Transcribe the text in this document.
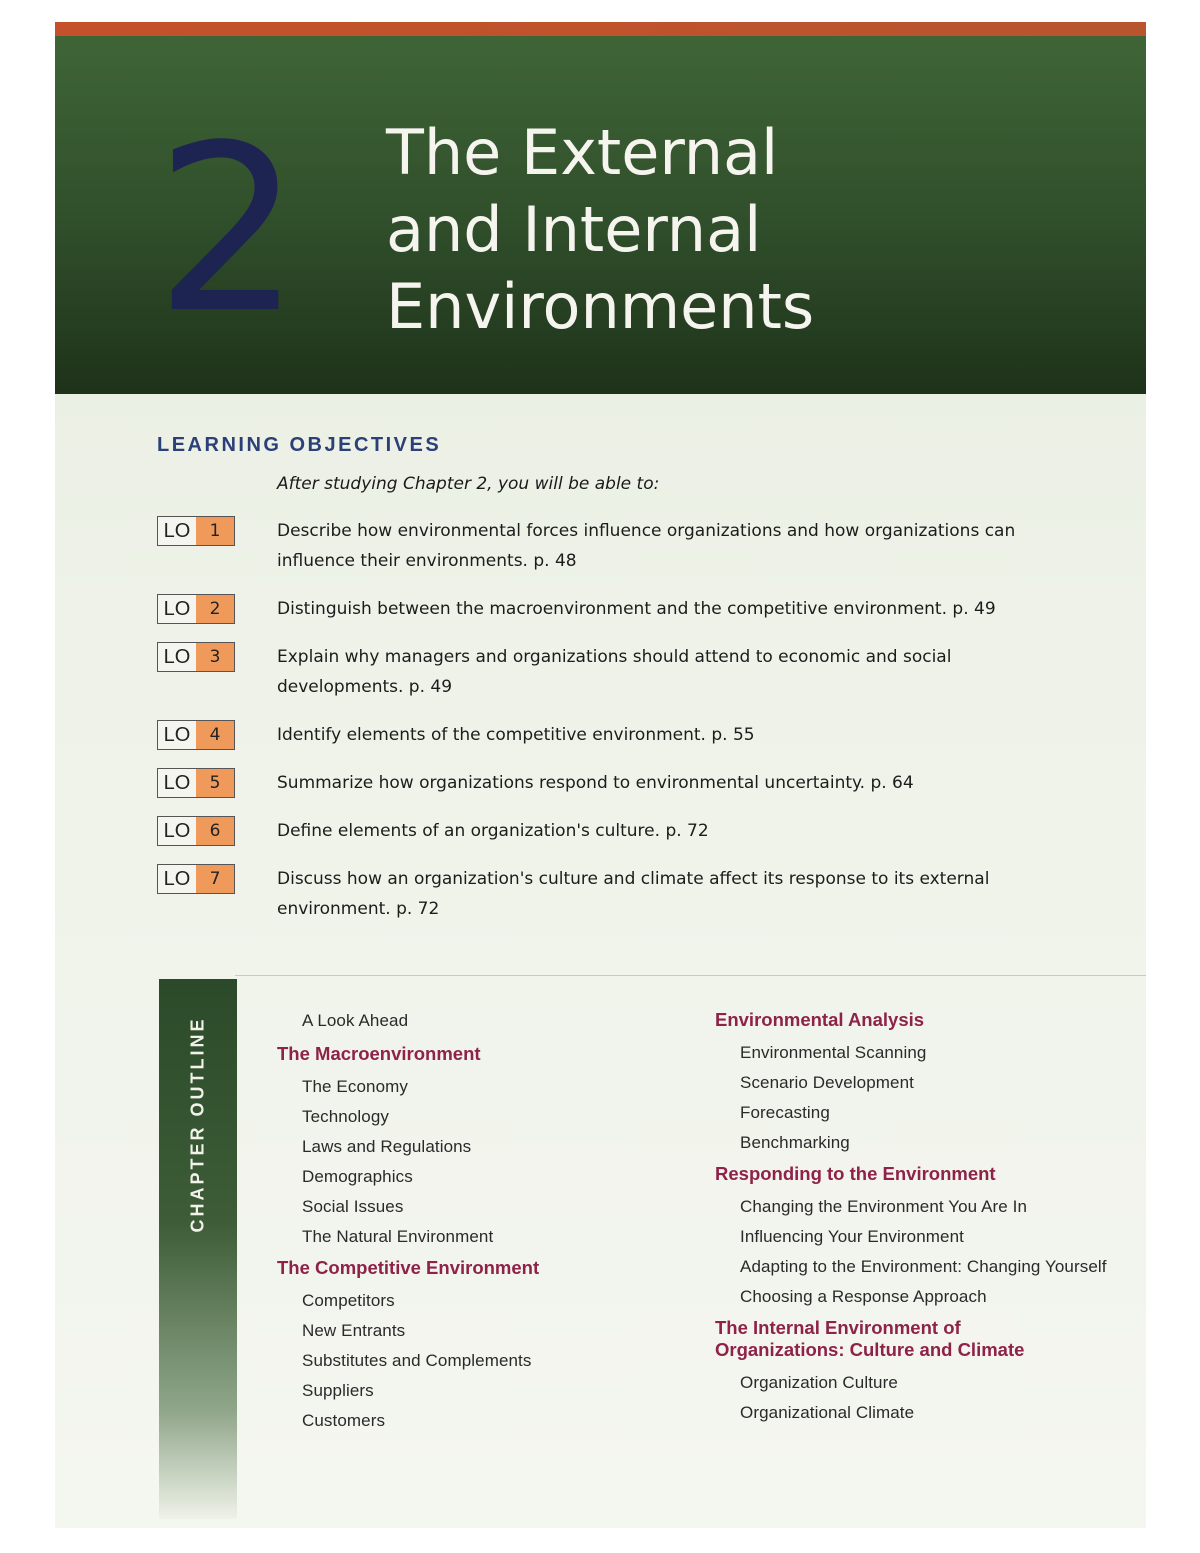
2 The External
and Internal
Environments
LEARNING OBJECTIVES
After studying Chapter 2, you will be able to:
LO	1	Describe how environmental forces influence organizations and how organizations can
influence their environments. p. 48
LO	2	Distinguish between the macroenvironment and the competitive environment. p. 49
LO	3	Explain why managers and organizations should attend to economic and social
developments. p. 49
LO	4	Identify elements of the competitive environment. p. 55
LO	5	Summarize how organizations respond to environmental uncertainty. p. 64
LO	6	Define elements of an organization's culture. p. 72
LO	7	Discuss how an organization's culture and climate affect its response to its external
environment. p. 72
CHAPTER OUTLINE	A Look Ahead
The Macroenvironment
The Economy
Technology
Laws and Regulations
Demographics
Social Issues
The Natural Environment
The Competitive Environment
Competitors
New Entrants
Substitutes and Complements
Suppliers
Customers
Environmental Analysis
Environmental Scanning
Scenario Development
Forecasting
Benchmarking
Responding to the Environment
Changing the Environment You Are In
Influencing Your Environment
Adapting to the Environment: Changing Yourself
Choosing a Response Approach
The Internal Environment of
Organizations: Culture and Climate
Organization Culture
Organizational Climate
